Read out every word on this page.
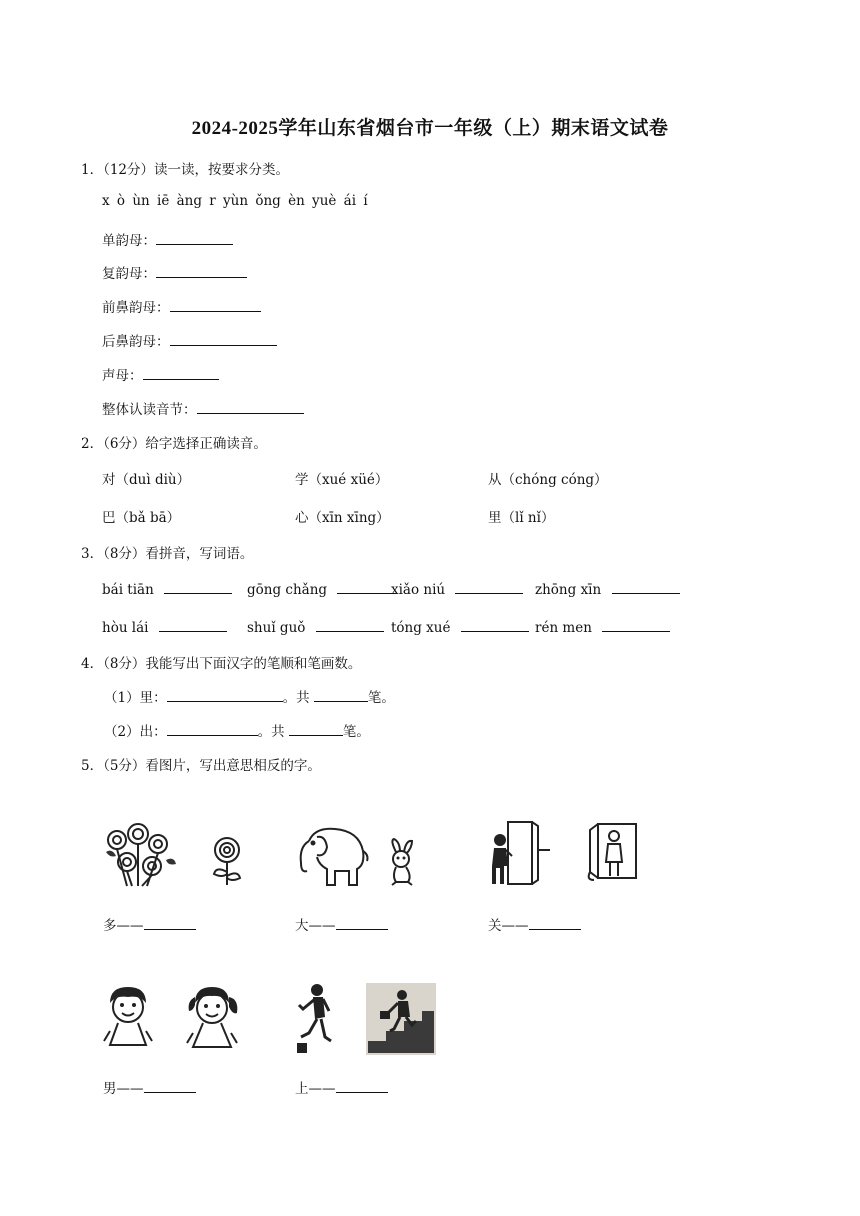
2024-2025学年山东省烟台市一年级（上）期末语文试卷
1．（12分）读一读，按要求分类。
x ò ùn iē àng r yùn ǒng èn yuè ái í
单韵母：
复韵母：
前鼻韵母：
后鼻韵母：
声母：
整体认读音节：
2．（6分）给字选择正确读音。
对（duì diù）	学（xué xüé）	从（chóng cóng）
巴（bǎ bā）	心（xīn xīng）	里（lǐ nǐ）
3．（8分）看拼音，写词语。
bái tiān	gōng chǎng	xiǎo niú	zhōng xīn
hòu lái	shuǐ guǒ	tóng xué	rén men
4．（8分）我能写出下面汉字的笔顺和笔画数。
（1）里：	。共	笔。
（2）出：	。共	笔。
5．（5分）看图片，写出意思相反的字。
多——	大——	关——
男——	上——
